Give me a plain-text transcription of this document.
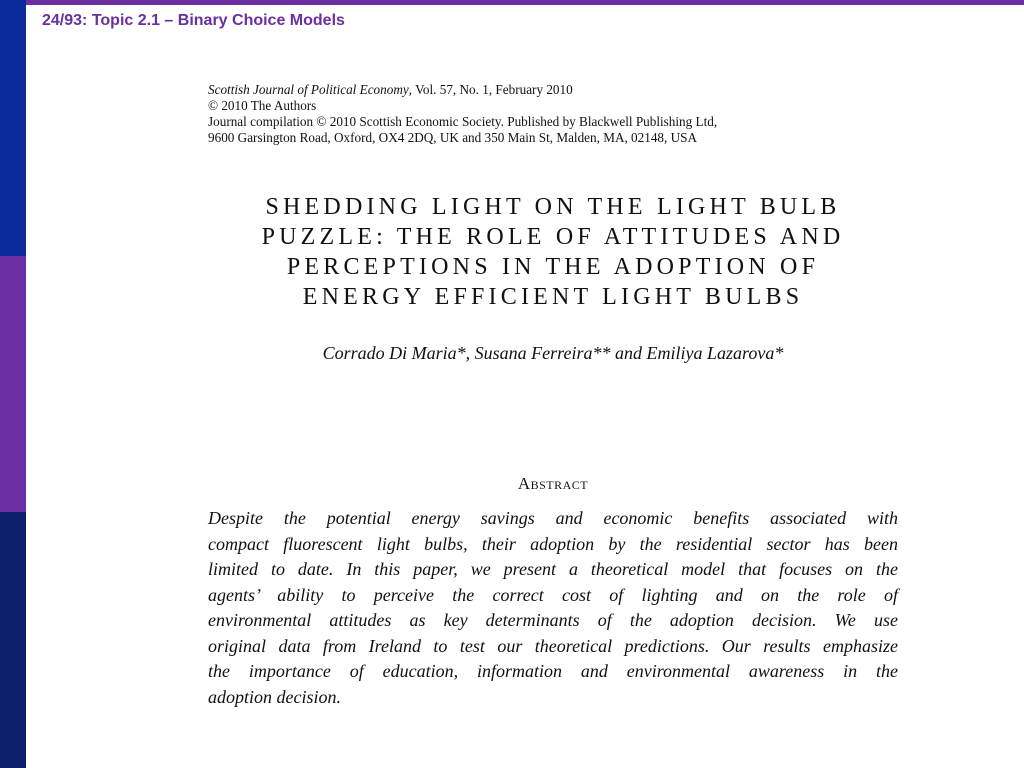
24/93: Topic 2.1 – Binary Choice Models
Scottish Journal of Political Economy, Vol. 57, No. 1, February 2010
© 2010 The Authors
Journal compilation © 2010 Scottish Economic Society. Published by Blackwell Publishing Ltd,
9600 Garsington Road, Oxford, OX4 2DQ, UK and 350 Main St, Malden, MA, 02148, USA
SHEDDING LIGHT ON THE LIGHT BULB
PUZZLE: THE ROLE OF ATTITUDES AND
PERCEPTIONS IN THE ADOPTION OF
ENERGY EFFICIENT LIGHT BULBS
Corrado Di Maria*, Susana Ferreira** and Emiliya Lazarova*
Abstract
Despite the potential energy savings and economic benefits associated with
compact fluorescent light bulbs, their adoption by the residential sector has been
limited to date. In this paper, we present a theoretical model that focuses on the
agents’ ability to perceive the correct cost of lighting and on the role of
environmental attitudes as key determinants of the adoption decision. We use
original data from Ireland to test our theoretical predictions. Our results emphasize
the importance of education, information and environmental awareness in the
adoption decision.
